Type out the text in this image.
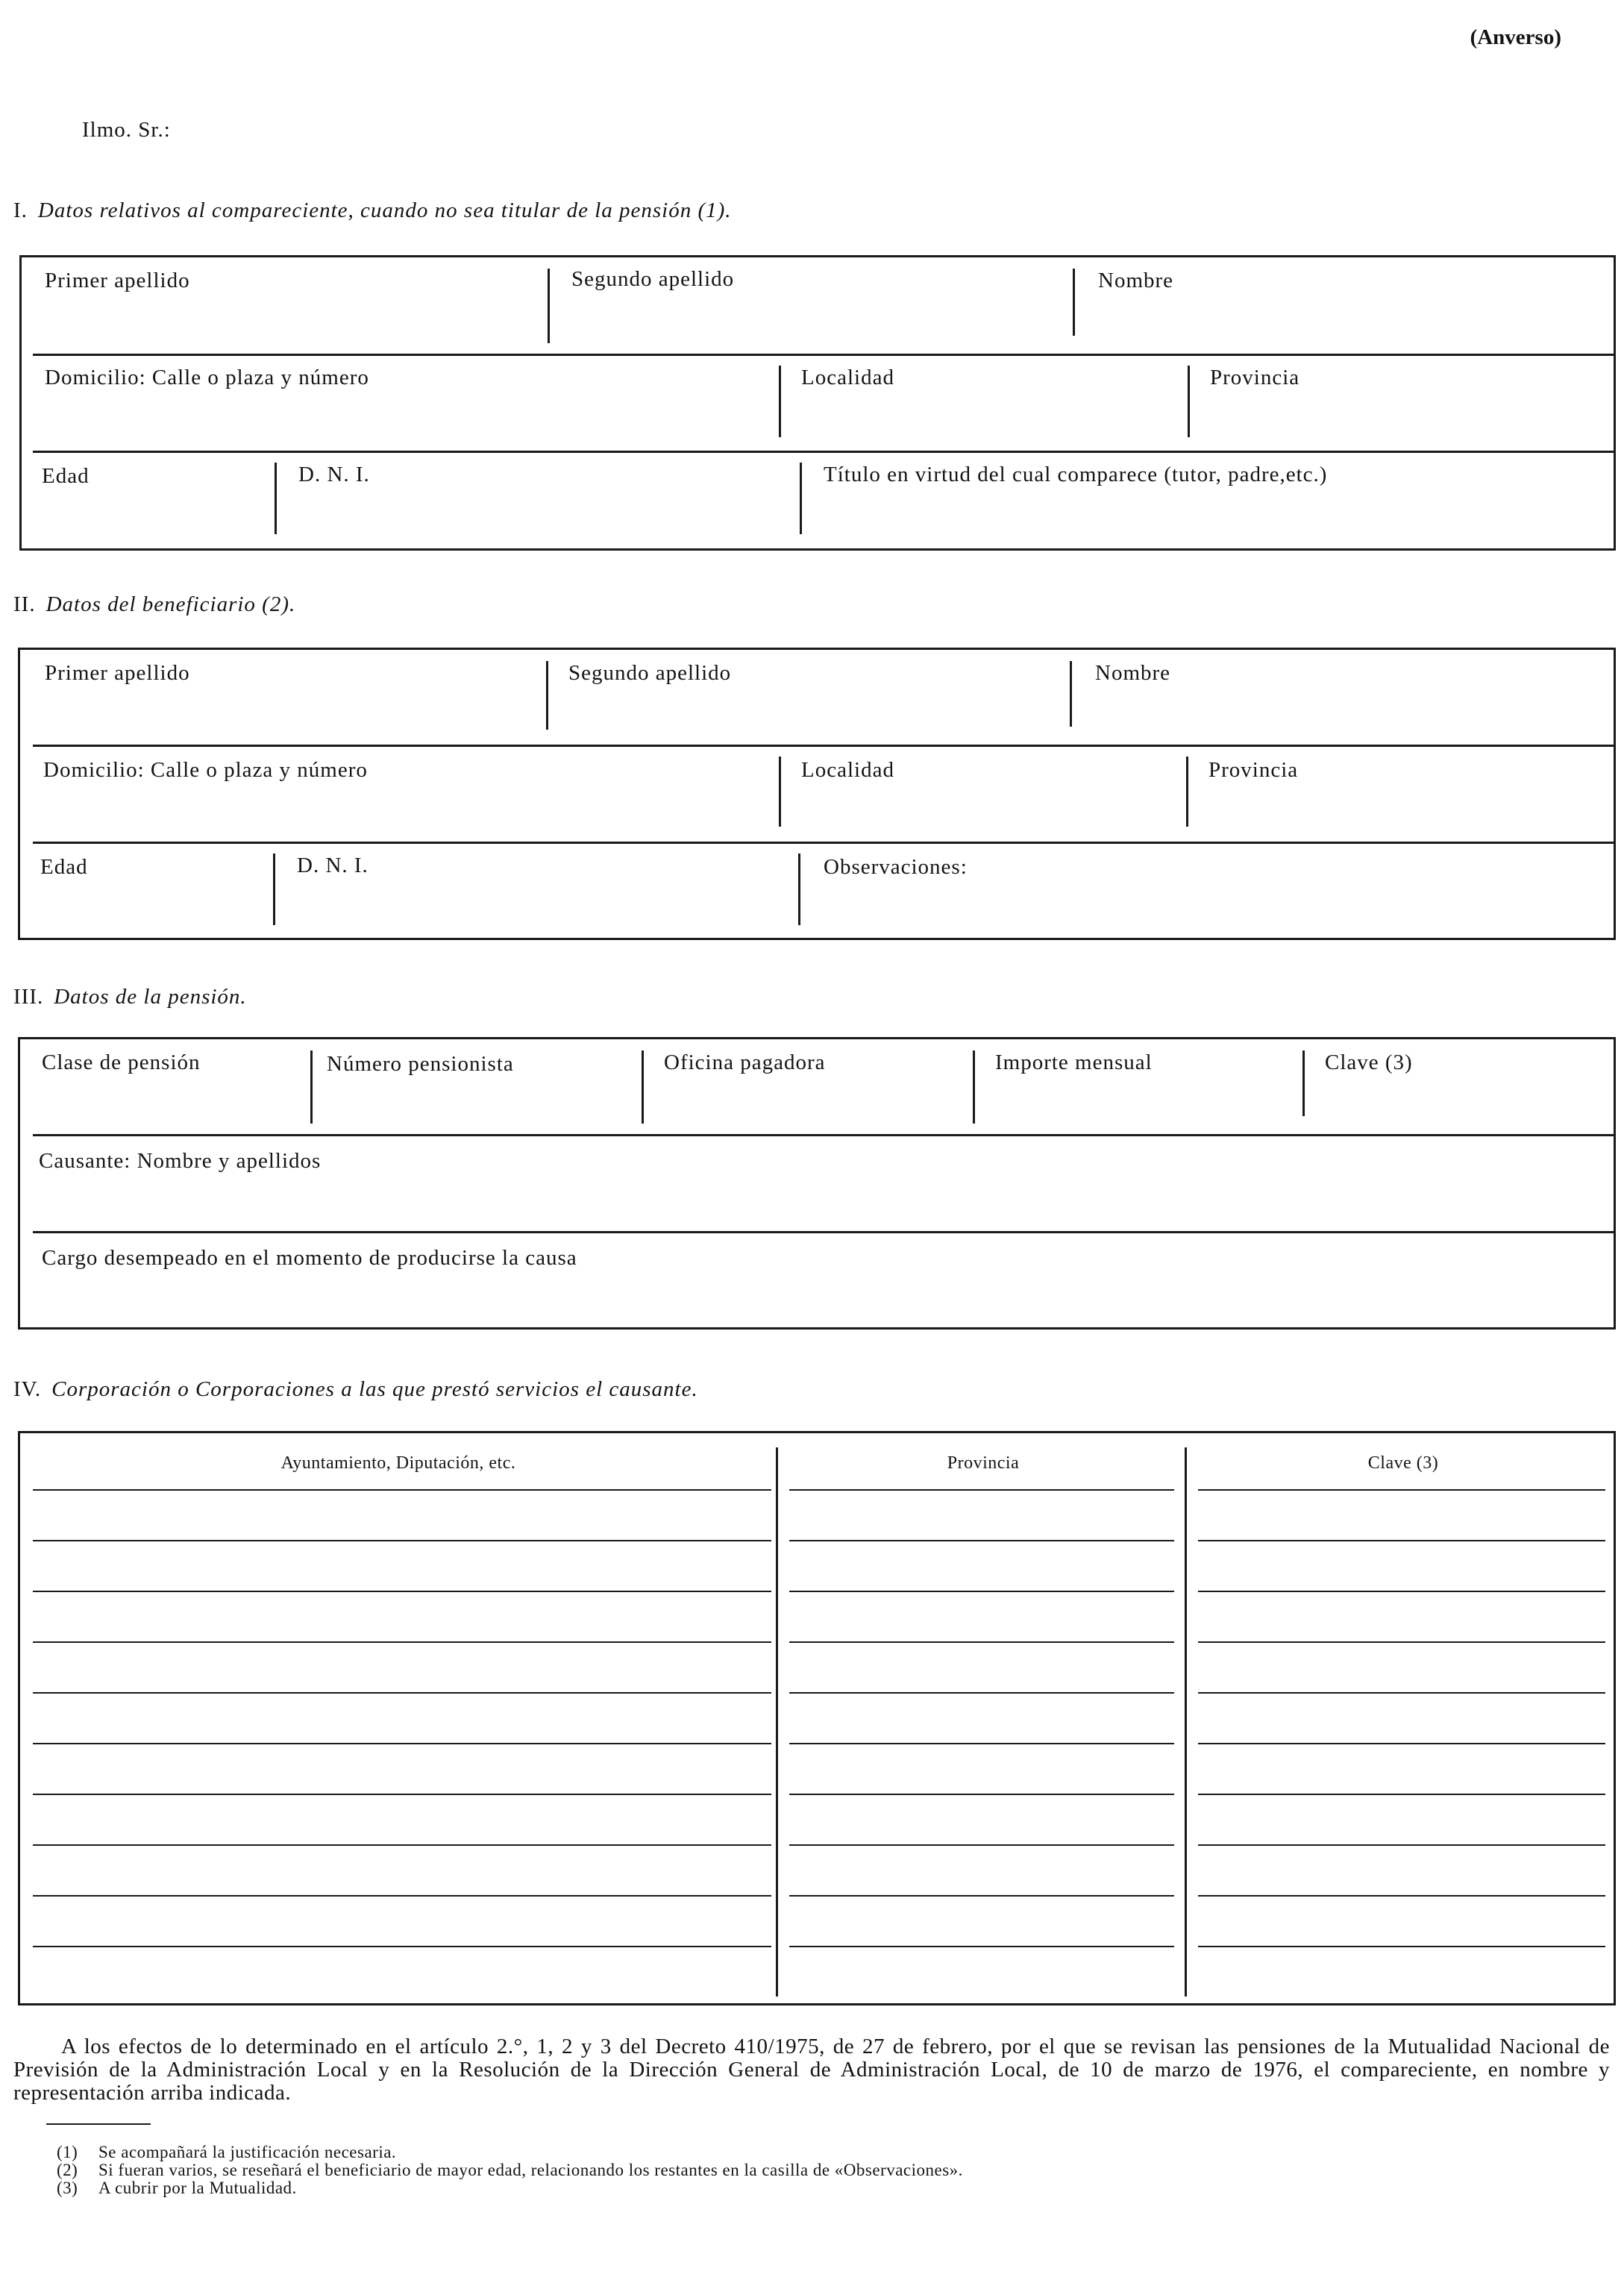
(Anverso)
Ilmo. Sr.:
I. Datos relativos al compareciente, cuando no sea titular de la pensión (1).
Primer apellido	Segundo apellido	Nombre
Domicilio: Calle o plaza y número	Localidad	Provincia
Edad	D. N. I.	Título en virtud del cual comparece (tutor, padre,etc.)
II. Datos del beneficiario (2).
Primer apellido	Segundo apellido	Nombre
Domicilio: Calle o plaza y número	Localidad	Provincia
Edad	D. N. I.	Observaciones:
III. Datos de la pensión.
Clase de pensión	Número pensionista	Oficina pagadora	Importe mensual	Clave (3)
Causante: Nombre y apellidos
Cargo desempeado en el momento de producirse la causa
IV. Corporación o Corporaciones a las que prestó servicios el causante.
Ayuntamiento, Diputación, etc.	Provincia	Clave (3)
A los efectos de lo determinado en el artículo 2.°, 1, 2 y 3 del Decreto 410/1975, de 27 de febrero, por el que se revisan las pensiones de la Mutualidad Nacional de Previsión de la Administración Local y en la Resolución de la Dirección General de Administración Local, de 10 de marzo de 1976, el compareciente, en nombre y representación arriba indicada.
(1) Se acompañará la justificación necesaria.
(2) Si fueran varios, se reseñará el beneficiario de mayor edad, relacionando los restantes en la casilla de «Observaciones».
(3) A cubrir por la Mutualidad.
